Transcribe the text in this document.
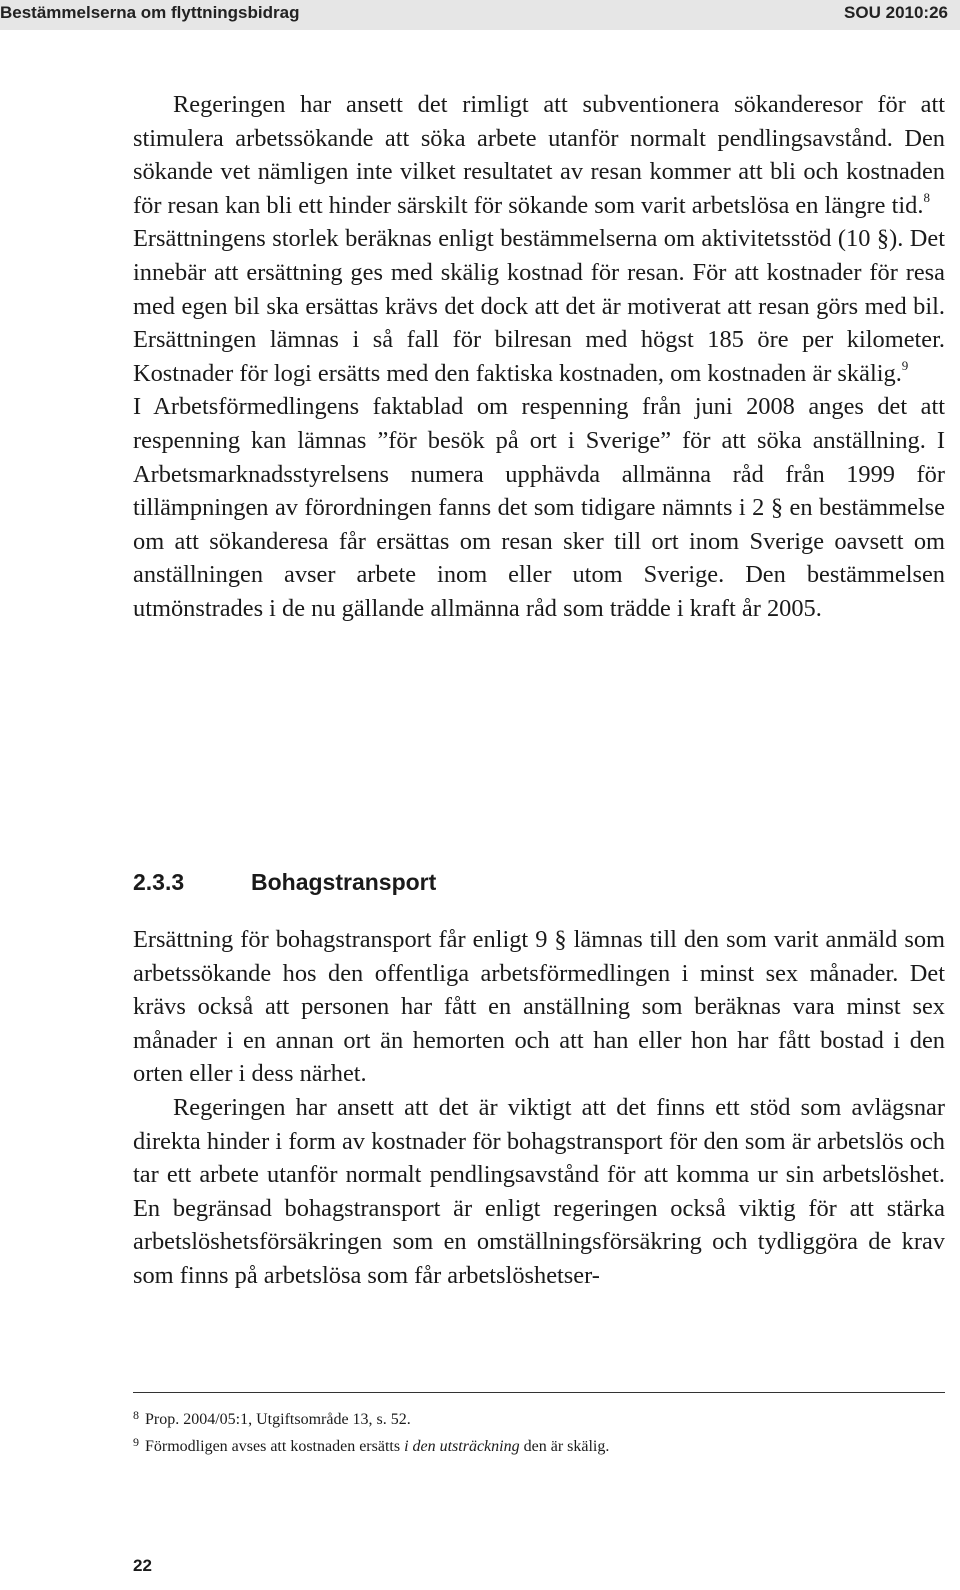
Bestämmelserna om flyttningsbidrag	SOU 2010:26

Regeringen har ansett det rimligt att subventionera sökanderesor för att stimulera arbetssökande att söka arbete utanför normalt pendlingsavstånd. Den sökande vet nämligen inte vilket resultatet av resan kommer att bli och kostnaden för resan kan bli ett hinder särskilt för sökande som varit arbetslösa en längre tid.$^8$

Ersättningens storlek beräknas enligt bestämmelserna om aktivitetsstöd (10 §). Det innebär att ersättning ges med skälig kostnad för resan. För att kostnader för resa med egen bil ska ersättas krävs det dock att det är motiverat att resan görs med bil. Ersättningen lämnas i så fall för bilresan med högst 185 öre per kilometer. Kostnader för logi ersätts med den faktiska kostnaden, om kostnaden är skälig.$^9$

I Arbetsförmedlingens faktablad om respenning från juni 2008 anges det att respenning kan lämnas ”för besök på ort i Sverige” för att söka anställning. I Arbetsmarknadsstyrelsens numera upphävda allmänna råd från 1999 för tillämpningen av förordningen fanns det som tidigare nämnts i 2 § en bestämmelse om att sökanderesa får ersättas om resan sker till ort inom Sverige oavsett om anställningen avser arbete inom eller utom Sverige. Den bestämmelsen utmönstrades i de nu gällande allmänna råd som trädde i kraft år 2005.

2.3.3	Bohagstransport

Ersättning för bohagstransport får enligt 9 § lämnas till den som varit anmäld som arbetssökande hos den offentliga arbetsförmedlingen i minst sex månader. Det krävs också att personen har fått en anställning som beräknas vara minst sex månader i en annan ort än hemorten och att han eller hon har fått bostad i den orten eller i dess närhet.

Regeringen har ansett att det är viktigt att det finns ett stöd som avlägsnar direkta hinder i form av kostnader för bohagstransport för den som är arbetslös och tar ett arbete utanför normalt pendlingsavstånd för att komma ur sin arbetslöshet. En begränsad bohagstransport är enligt regeringen också viktig för att stärka arbetslöshetsförsäkringen som en omställningsförsäkring och tydliggöra de krav som finns på arbetslösa som får arbetslöshetser-

8 Prop. 2004/05:1, Utgiftsområde 13, s. 52.

9 Förmodligen avses att kostnaden ersätts i den utsträckning den är skälig.

22
